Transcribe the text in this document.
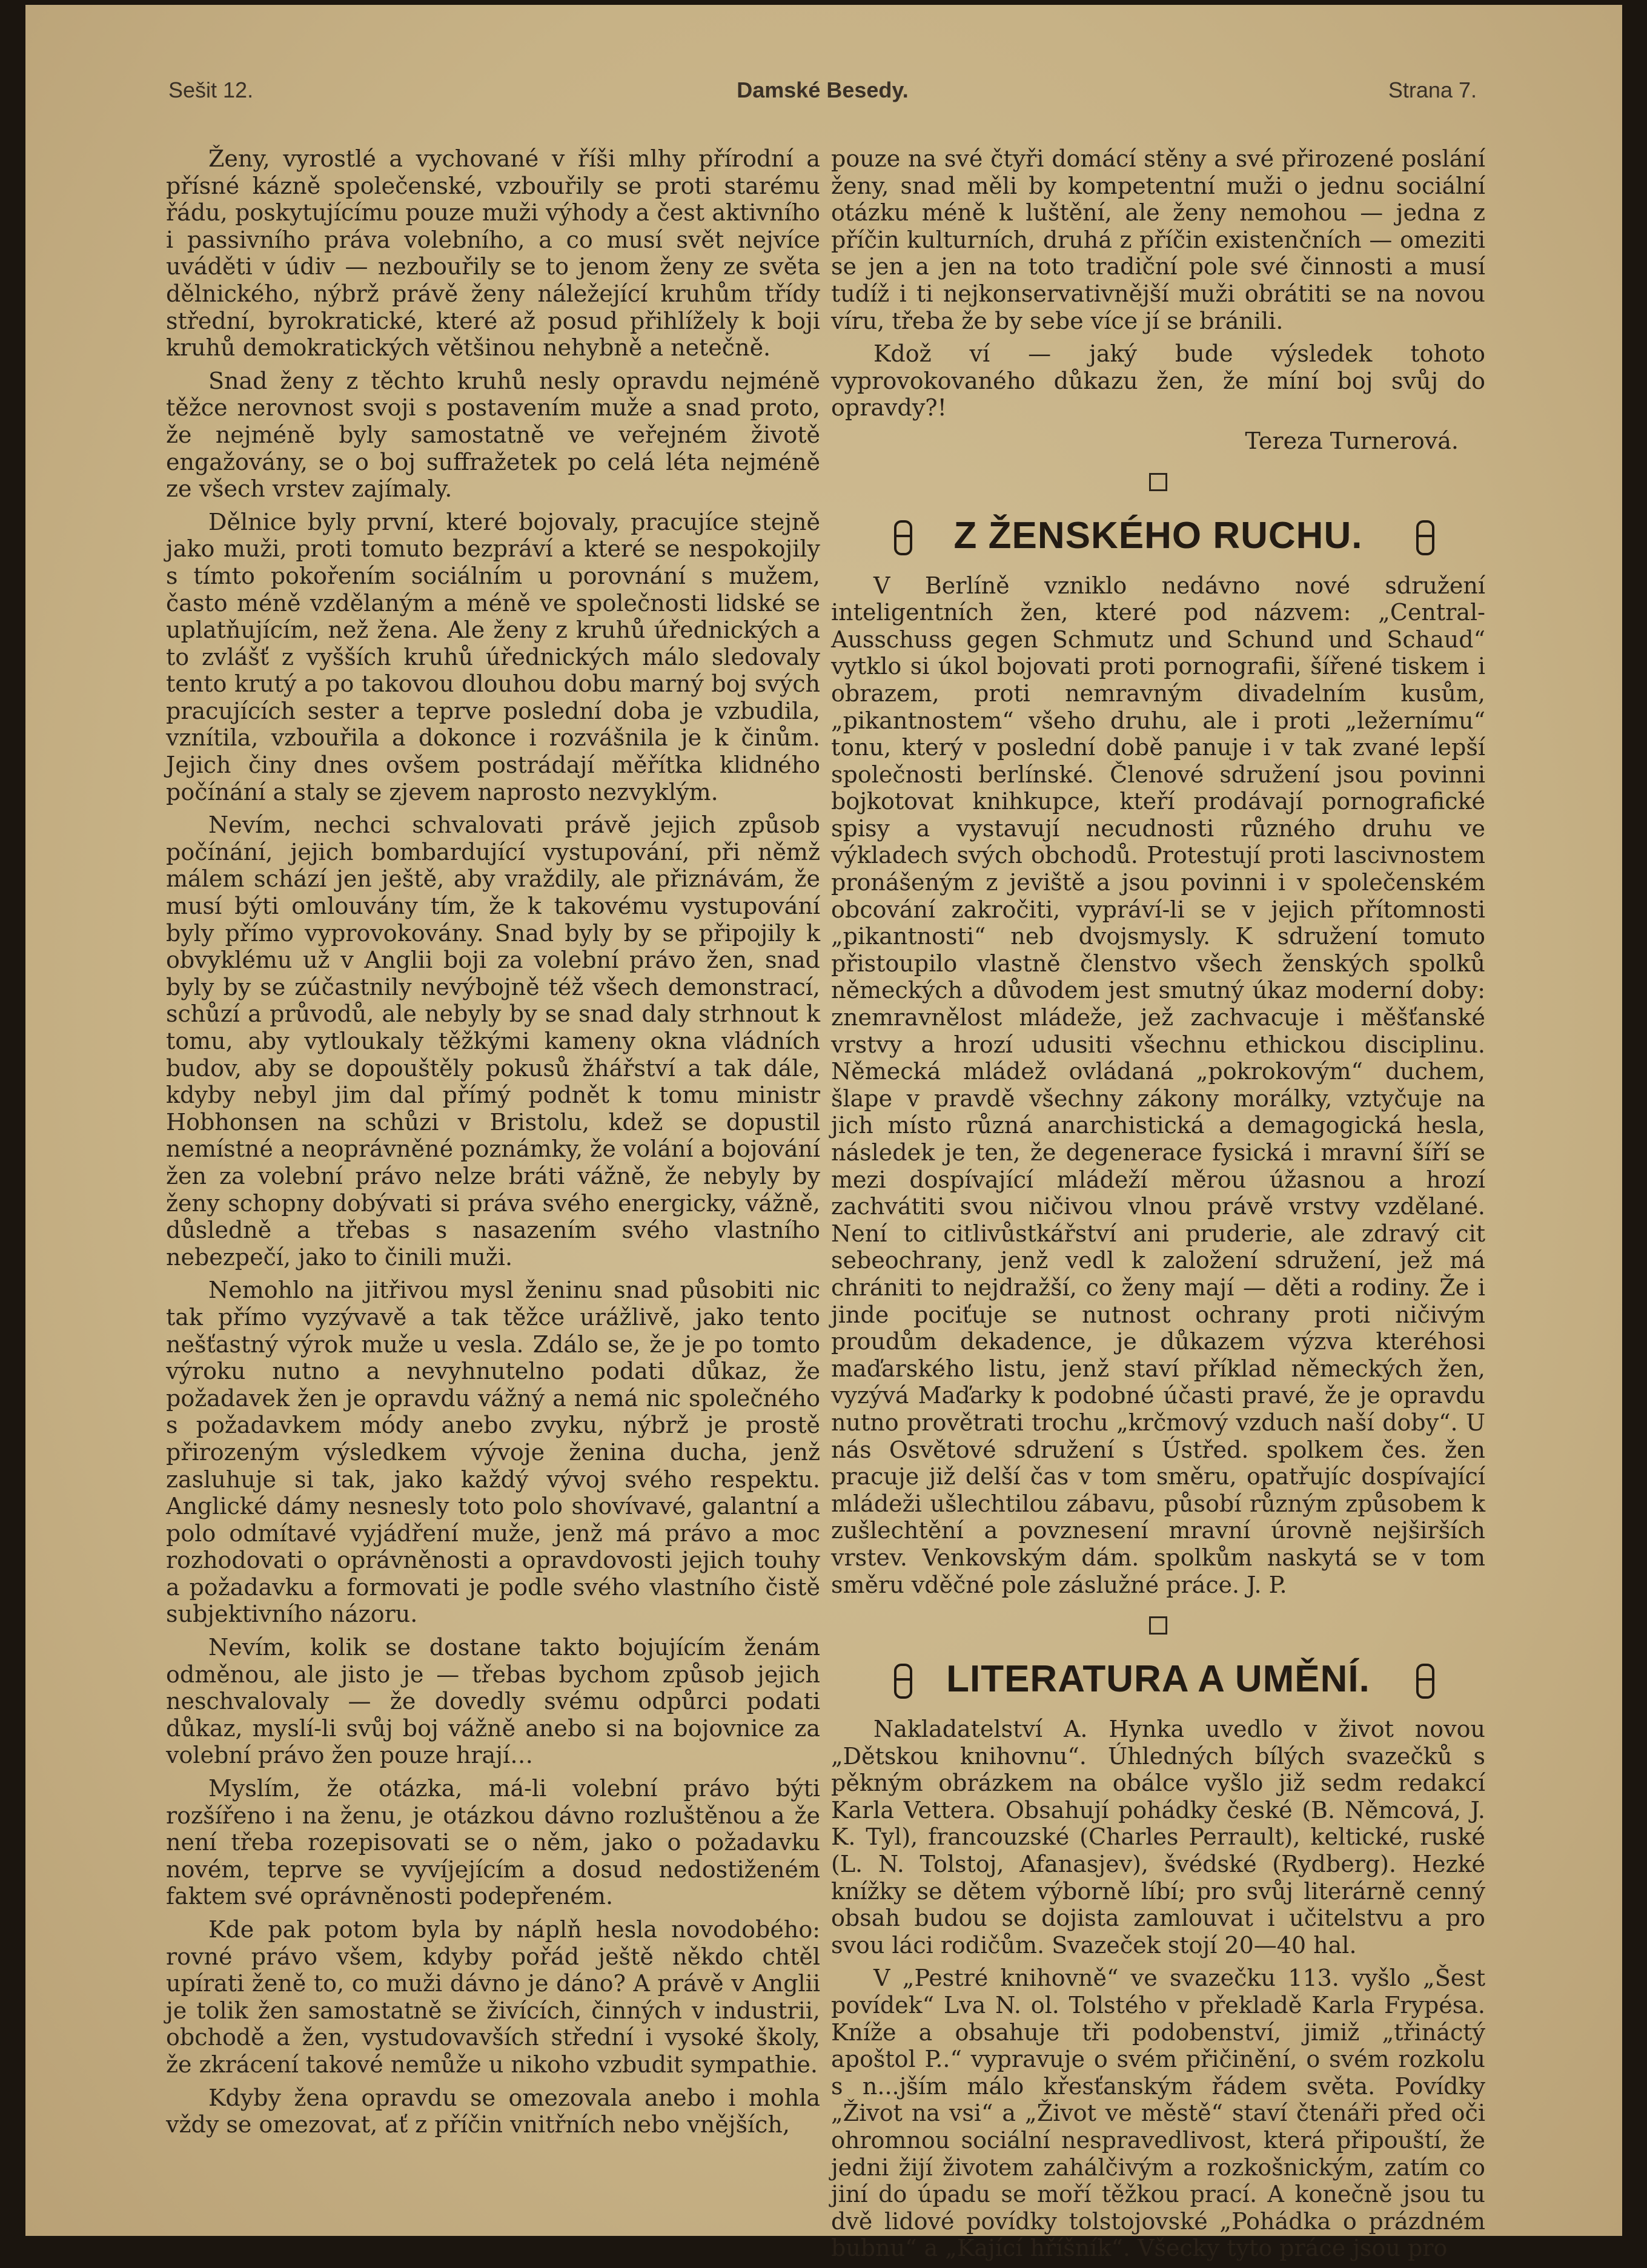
Damské Besedy.
Sešit 12.	Strana 7.

Ženy, vyrostlé a vychované v říši mlhy přírodní a přísné kázně společenské, vzbouřily se proti starému řádu, poskytujícímu pouze muži výhody a čest aktivního i passivního práva volebního, a co musí svět nejvíce uváděti v údiv — nezbouřily se to jenom ženy ze světa dělnického, nýbrž právě ženy náležející kruhům třídy střední, byrokratické, které až posud přihlížely k boji kruhů demokratických většinou nehybně a netečně.

Snad ženy z těchto kruhů nesly opravdu nejméně těžce nerovnost svoji s postavením muže a snad proto, že nejméně byly samostatně ve veřejném životě engažovány, se o boj suffražetek po celá léta nejméně ze všech vrstev zajímaly.

Dělnice byly první, které bojovaly, pracujíce stejně jako muži, proti tomuto bezpráví a které se nespokojily s tímto pokořením sociálním u porovnání s mužem, často méně vzdělaným a méně ve společnosti lidské se uplatňujícím, než žena. Ale ženy z kruhů úřednických a to zvlášť z vyšších kruhů úřednických málo sledovaly tento krutý a po takovou dlouhou dobu marný boj svých pracujících sester a teprve poslední doba je vzbudila, vznítila, vzbouřila a dokonce i rozvášnila je k činům. Jejich činy dnes ovšem postrádají měřítka klidného počínání a staly se zjevem naprosto nezvyklým.

Nevím, nechci schvalovati právě jejich způsob počínání, jejich bombardující vystupování, při němž málem schází jen ještě, aby vraždily, ale přiznávám, že musí býti omlouvány tím, že k takovému vystupování byly přímo vyprovokovány. Snad byly by se připojily k obvyklému už v Anglii boji za volební právo žen, snad byly by se zúčastnily nevýbojně též všech demonstrací, schůzí a průvodů, ale nebyly by se snad daly strhnout k tomu, aby vytloukaly těžkými kameny okna vládních budov, aby se dopouštěly pokusů žhářství a tak dále, kdyby nebyl jim dal přímý podnět k tomu ministr Hobhonsen na schůzi v Bristolu, kdež se dopustil nemístné a neoprávněné poznámky, že volání a bojování žen za volební právo nelze bráti vážně, že nebyly by ženy schopny dobývati si práva svého energicky, vážně, důsledně a třebas s nasazením svého vlastního nebezpečí, jako to činili muži.

Nemohlo na jitřivou mysl ženinu snad působiti nic tak přímo vyzývavě a tak těžce urážlivě, jako tento nešťastný výrok muže u vesla. Zdálo se, že je po tomto výroku nutno a nevyhnutelno podati důkaz, že požadavek žen je opravdu vážný a nemá nic společného s požadavkem módy anebo zvyku, nýbrž je prostě přirozeným výsledkem vývoje ženina ducha, jenž zasluhuje si tak, jako každý vývoj svého respektu. Anglické dámy nesnesly toto polo shovívavé, galantní a polo odmítavé vyjádření muže, jenž má právo a moc rozhodovati o oprávněnosti a opravdovosti jejich touhy a požadavku a formovati je podle svého vlastního čistě subjektivního názoru.

Nevím, kolik se dostane takto bojujícím ženám odměnou, ale jisto je — třebas bychom způsob jejich neschvalovaly — že dovedly svému odpůrci podati důkaz, myslí-li svůj boj vážně anebo si na bojovnice za volební právo žen pouze hrají…

Myslím, že otázka, má-li volební právo býti rozšířeno i na ženu, je otázkou dávno rozluštěnou a že není třeba rozepisovati se o něm, jako o požadavku novém, teprve se vyvíjejícím a dosud nedostiženém faktem své oprávněnosti podepřeném.

Kde pak potom byla by náplň hesla novodobého: rovné právo všem, kdyby pořád ještě někdo chtěl upírati ženě to, co muži dávno je dáno? A právě v Anglii je tolik žen samostatně se živících, činných v industrii, obchodě a žen, vystudovavších střední i vysoké školy, že zkrácení takové nemůže u nikoho vzbudit sympathie.

Kdyby žena opravdu se omezovala anebo i mohla vždy se omezovat, ať z příčin vnitřních nebo vnějších,

pouze na své čtyři domácí stěny a své přirozené poslání ženy, snad měli by kompetentní muži o jednu sociální otázku méně k luštění, ale ženy nemohou — jedna z příčin kulturních, druhá z příčin existenčních — omeziti se jen a jen na toto tradiční pole své činnosti a musí tudíž i ti nejkonservativnější muži obrátiti se na novou víru, třeba že by sebe více jí se bránili.

Kdož ví — jaký bude výsledek tohoto vyprovokovaného důkazu žen, že míní boj svůj do opravdy?!

Tereza Turnerová.
Z ŽENSKÉHO RUCHU.

V Berlíně vzniklo nedávno nové sdružení inteligentních žen, které pod názvem: „Central-Ausschuss gegen Schmutz und Schund und Schaud“ vytklo si úkol bojovati proti pornografii, šířené tiskem i obrazem, proti nemravným divadelním kusům, „pikantnostem“ všeho druhu, ale i proti „ležernímu“ tonu, který v poslední době panuje i v tak zvané lepší společnosti berlínské. Členové sdružení jsou povinni bojkotovat knihkupce, kteří prodávají pornografické spisy a vystavují necudnosti různého druhu ve výkladech svých obchodů. Protestují proti lascivnostem pronášeným z jeviště a jsou povinni i v společenském obcování zakročiti, vypráví-li se v jejich přítomnosti „pikantnosti“ neb dvojsmysly. K sdružení tomuto přistoupilo vlastně členstvo všech ženských spolků německých a důvodem jest smutný úkaz moderní doby: znemravnělost mládeže, jež zachvacuje i měšťanské vrstvy a hrozí udusiti všechnu ethickou disciplinu. Německá mládež ovládaná „pokrokovým“ duchem, šlape v pravdě všechny zákony morálky, vztyčuje na jich místo různá anarchistická a demagogická hesla, následek je ten, že degenerace fysická i mravní šíří se mezi dospívající mládeží měrou úžasnou a hrozí zachvátiti svou ničivou vlnou právě vrstvy vzdělané. Není to citlivůstkářství ani pruderie, ale zdravý cit sebeochrany, jenž vedl k založení sdružení, jež má chrániti to nejdražší, co ženy mají — děti a rodiny. Že i jinde pociťuje se nutnost ochrany proti ničivým proudům dekadence, je důkazem výzva kteréhosi maďarského listu, jenž staví příklad německých žen, vyzývá Maďarky k podobné účasti pravé, že je opravdu nutno provětrati trochu „krčmový vzduch naší doby“. U nás Osvětové sdružení s Ústřed. spolkem čes. žen pracuje již delší čas v tom směru, opatřujíc dospívající mládeži ušlechtilou zábavu, působí různým způsobem k zušlechtění a povznesení mravní úrovně nejširších vrstev. Venkovským dám. spolkům naskytá se v tom směru vděčné pole záslužné práce. J. P.

LITERATURA A UMĚNÍ.

Nakladatelství A. Hynka uvedlo v život novou „Dětskou knihovnu“. Úhledných bílých svazečků s pěkným obrázkem na obálce vyšlo již sedm redakcí Karla Vettera. Obsahují pohádky české (B. Němcová, J. K. Tyl), francouzské (Charles Perrault), keltické, ruské (L. N. Tolstoj, Afanasjev), švédské (Rydberg). Hezké knížky se dětem výborně líbí; pro svůj literárně cenný obsah budou se dojista zamlouvat i učitelstvu a pro svou láci rodičům. Svazeček stojí 20—40 hal.

V „Pestré knihovně“ ve svazečku 113. vyšlo „Šest povídek“ Lva N. ol. Tolstého v překladě Karla Frypésa. Kníže a obsahuje tři podobenství, jimiž „třináctý apoštol P..“ vypravuje o svém přičinění, o svém rozkolu s n...jším málo křesťanským řádem světa. Povídky „Život na vsi“ a „Život ve městě“ staví čtenáři před oči ohromnou sociální nespravedlivost, která připouští, že jedni žijí životem zahálčivým a rozkošnickým, zatím co jiní do úpadu se moří těžkou prací. A konečně jsou tu dvě lidové povídky tolstojovské „Pohádka o prázdném bubnu“ a „Kající hříšník“. Všecky tyto práce jsou pro
